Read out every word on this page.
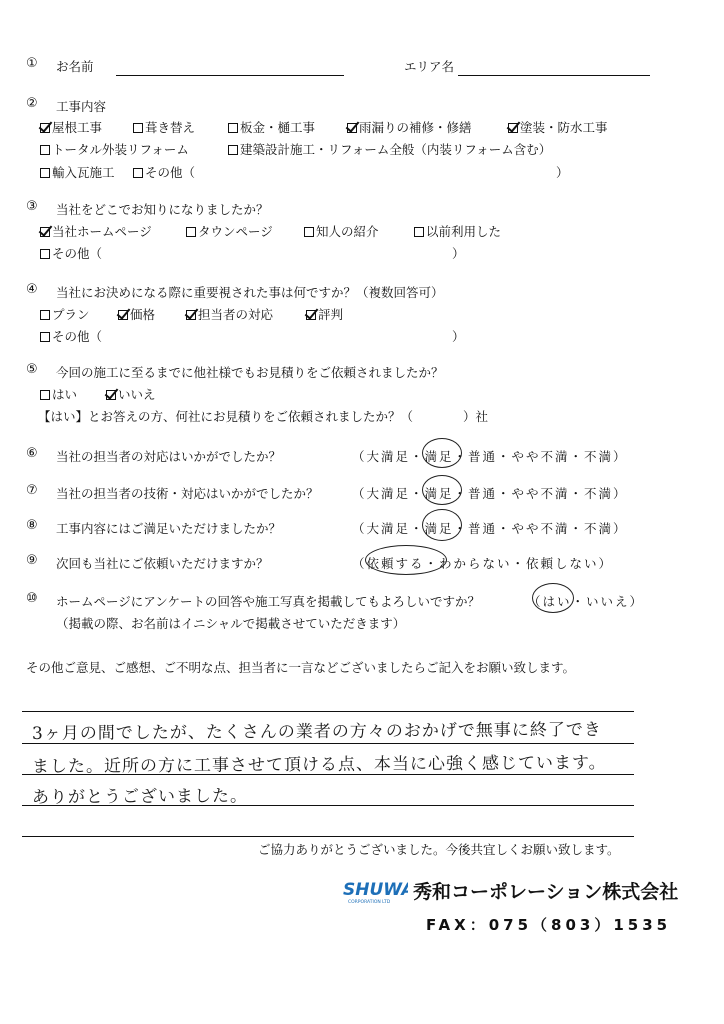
① お名前	エリア名
② 工事内容
屋根工事	葺き替え	板金・樋工事	雨漏りの補修・修繕	塗装・防水工事
トータル外装リフォーム	建築設計施工・リフォーム全般（内装リフォーム含む）
輸入瓦施工	その他（	）
③ 当社をどこでお知りになりましたか？
当社ホームページ	タウンページ	知人の紹介	以前利用した
その他（	）
④ 当社にお決めになる際に重要視された事は何ですか？（複数回答可）
プラン	価格	担当者の対応	評判
その他（	）
⑤ 今回の施工に至るまでに他社様でもお見積りをご依頼されましたか？
はい	いいえ
【はい】とお答えの方、何社にお見積りをご依頼されましたか？（　　　　）社
⑥ 当社の担当者の対応はいかがでしたか？	（大満足・満足・普通・やや不満・不満）
⑦ 当社の担当者の技術・対応はいかがでしたか？	（大満足・満足・普通・やや不満・不満）
⑧ 工事内容にはご満足いただけましたか？	（大満足・満足・普通・やや不満・不満）
⑨ 次回も当社にご依頼いただけますか？	（依頼する・わからない・依頼しない）
⑩ ホームページにアンケートの回答や施工写真を掲載してもよろしいですか？	（はい・いいえ）
（掲載の際、お名前はイニシャルで掲載させていただきます）
その他ご意見、ご感想、ご不明な点、担当者に一言などございましたらご記入をお願い致します。
3ヶ月の間でしたが、たくさんの業者の方々のおかげで無事に終了でき
ました。近所の方に工事させて頂ける点、本当に心強く感じています。
ありがとうございました。
ご協力ありがとうございました。今後共宜しくお願い致します。
SHUWA
CORPORATION LTD 秀和コーポレーション株式会社
FAX：075（803）1535
